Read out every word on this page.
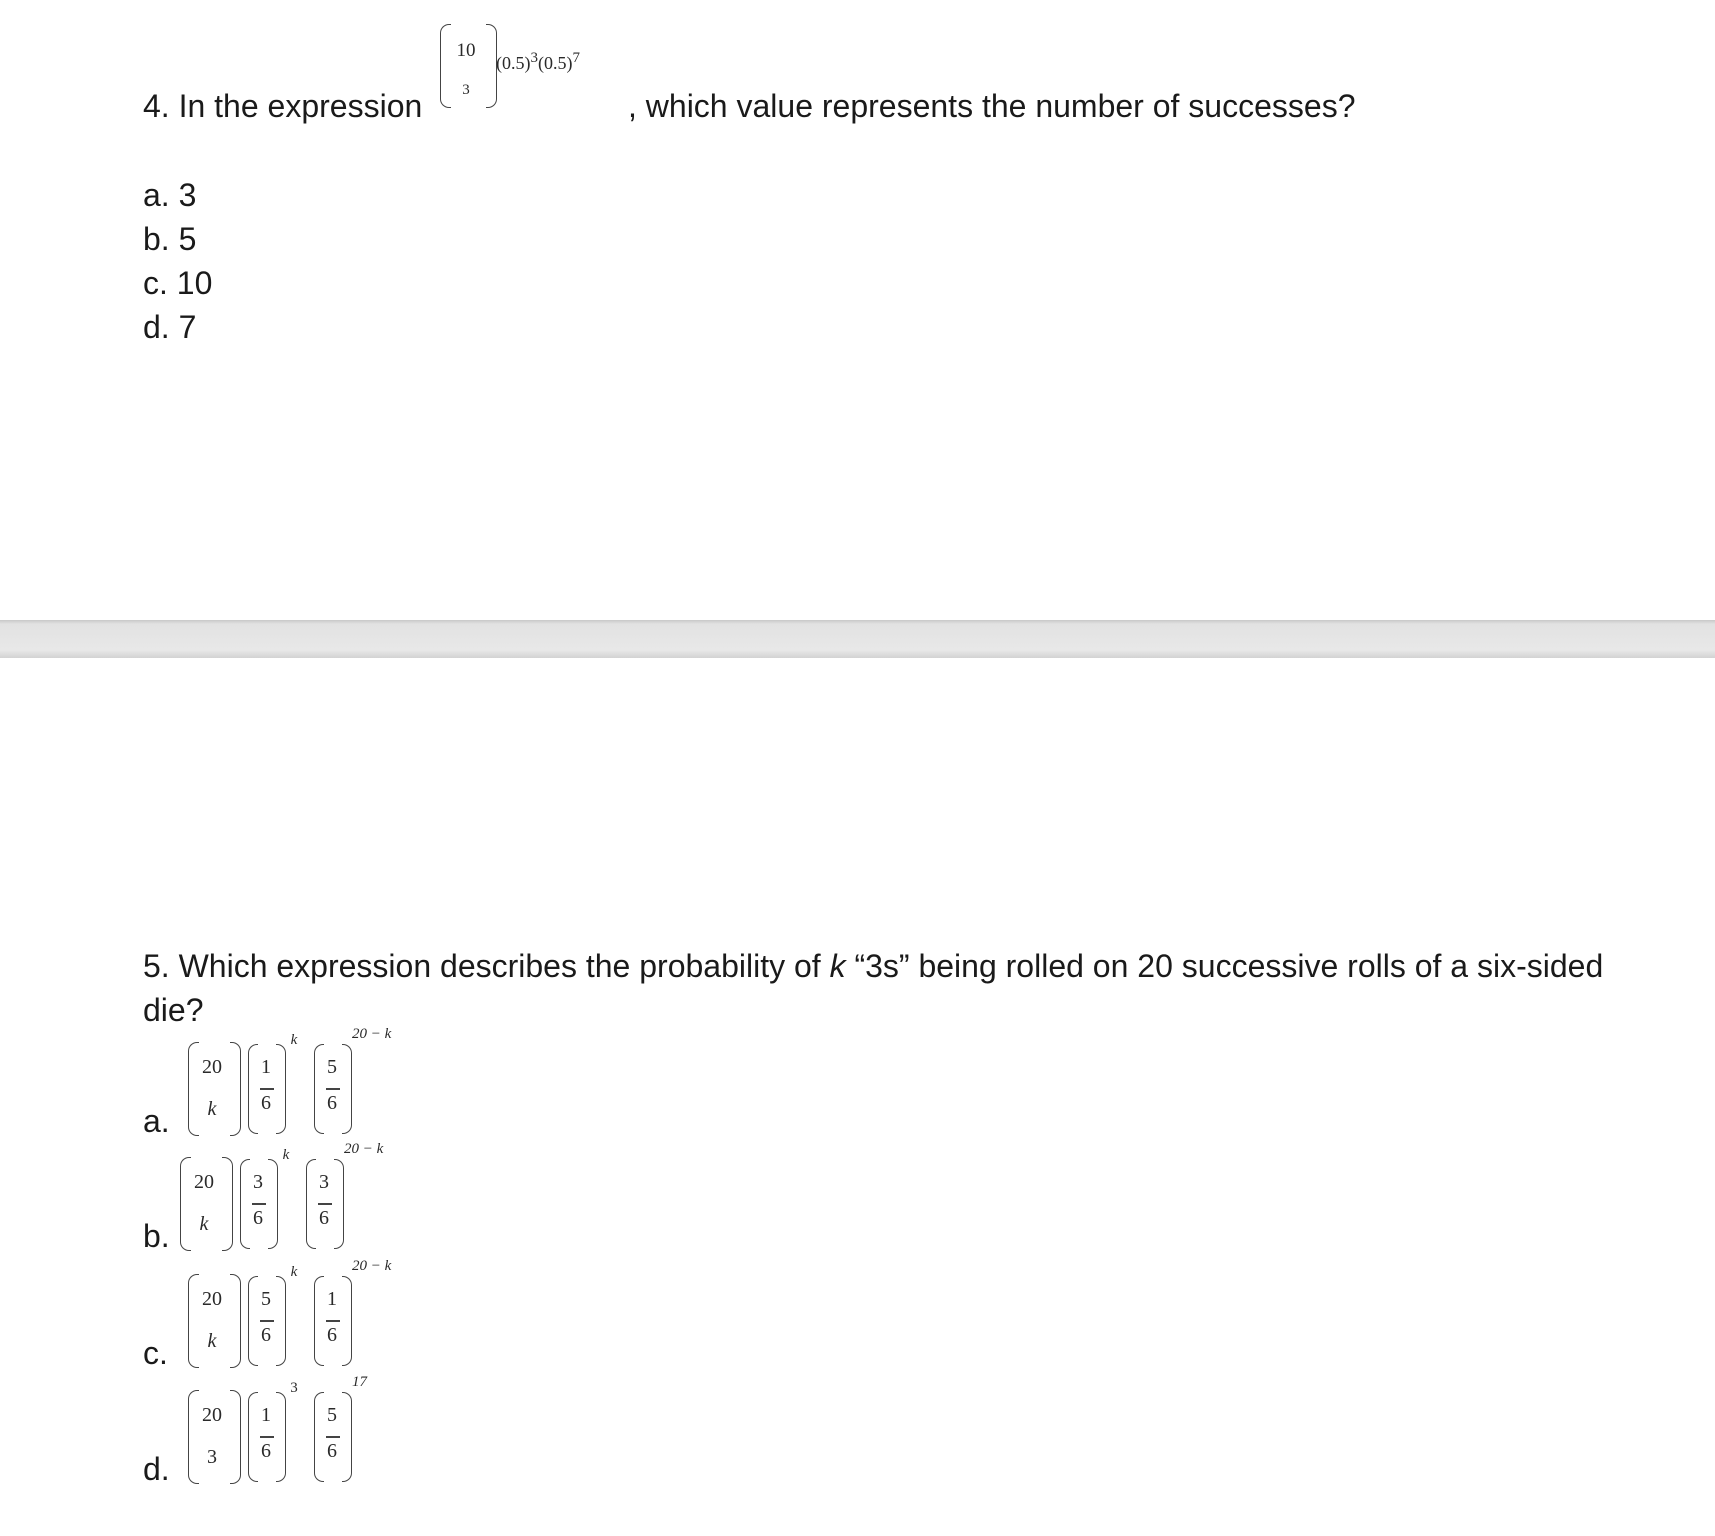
4. In the expression
10
3
$(0.5)^3(0.5)^7$
, which value represents the number of successes?
a. 3
b. 5
c. 10
d. 7
5. Which expression describes the probability of k “3s” being rolled on 20 successive rolls of a six-sided
die?
a.
20
k
1
6
k
5
6
20 − k
b.
20
k
3
6
k
3
6
20 − k
c.
20
k
5
6
k
1
6
20 − k
d.
20
3
1
6
3
5
6
17
